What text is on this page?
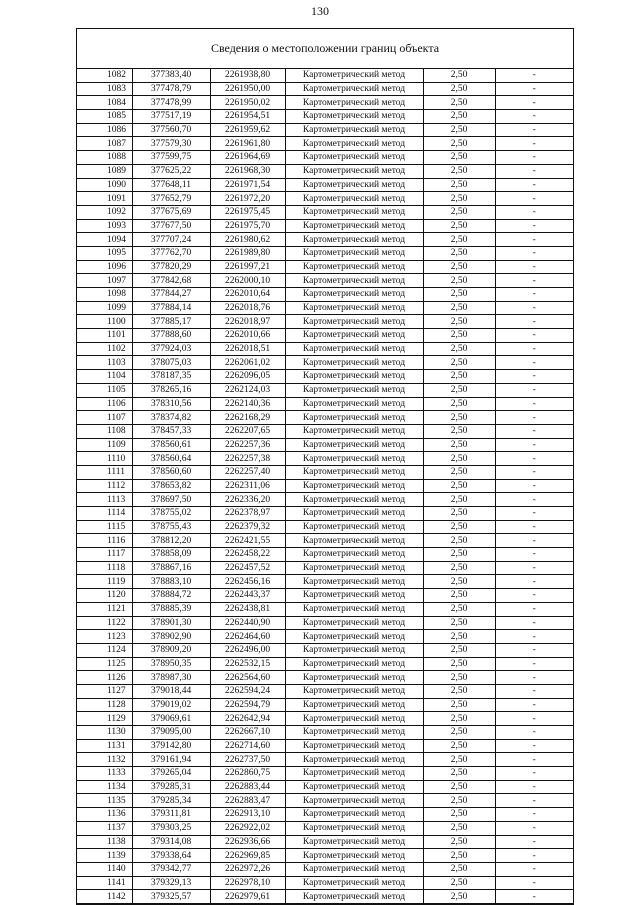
130
Сведения о местоположении границ объекта
1082	377383,40	2261938,80	Картометрический метод	2,50	-
1083	377478,79	2261950,00	Картометрический метод	2,50	-
1084	377478,99	2261950,02	Картометрический метод	2,50	-
1085	377517,19	2261954,51	Картометрический метод	2,50	-
1086	377560,70	2261959,62	Картометрический метод	2,50	-
1087	377579,30	2261961,80	Картометрический метод	2,50	-
1088	377599,75	2261964,69	Картометрический метод	2,50	-
1089	377625,22	2261968,30	Картометрический метод	2,50	-
1090	377648,11	2261971,54	Картометрический метод	2,50	-
1091	377652,79	2261972,20	Картометрический метод	2,50	-
1092	377675,69	2261975,45	Картометрический метод	2,50	-
1093	377677,50	2261975,70	Картометрический метод	2,50	-
1094	377707,24	2261980,62	Картометрический метод	2,50	-
1095	377762,70	2261989,80	Картометрический метод	2,50	-
1096	377820,29	2261997,21	Картометрический метод	2,50	-
1097	377842,68	2262000,10	Картометрический метод	2,50	-
1098	377844,27	2262010,64	Картометрический метод	2,50	-
1099	377884,14	2262018,76	Картометрический метод	2,50	-
1100	377885,17	2262018,97	Картометрический метод	2,50	-
1101	377888,60	2262010,66	Картометрический метод	2,50	-
1102	377924,03	2262018,51	Картометрический метод	2,50	-
1103	378075,03	2262061,02	Картометрический метод	2,50	-
1104	378187,35	2262096,05	Картометрический метод	2,50	-
1105	378265,16	2262124,03	Картометрический метод	2,50	-
1106	378310,56	2262140,36	Картометрический метод	2,50	-
1107	378374,82	2262168,29	Картометрический метод	2,50	-
1108	378457,33	2262207,65	Картометрический метод	2,50	-
1109	378560,61	2262257,36	Картометрический метод	2,50	-
1110	378560,64	2262257,38	Картометрический метод	2,50	-
1111	378560,60	2262257,40	Картометрический метод	2,50	-
1112	378653,82	2262311,06	Картометрический метод	2,50	-
1113	378697,50	2262336,20	Картометрический метод	2,50	-
1114	378755,02	2262378,97	Картометрический метод	2,50	-
1115	378755,43	2262379,32	Картометрический метод	2,50	-
1116	378812,20	2262421,55	Картометрический метод	2,50	-
1117	378858,09	2262458,22	Картометрический метод	2,50	-
1118	378867,16	2262457,52	Картометрический метод	2,50	-
1119	378883,10	2262456,16	Картометрический метод	2,50	-
1120	378884,72	2262443,37	Картометрический метод	2,50	-
1121	378885,39	2262438,81	Картометрический метод	2,50	-
1122	378901,30	2262440,90	Картометрический метод	2,50	-
1123	378902,90	2262464,60	Картометрический метод	2,50	-
1124	378909,20	2262496,00	Картометрический метод	2,50	-
1125	378950,35	2262532,15	Картометрический метод	2,50	-
1126	378987,30	2262564,60	Картометрический метод	2,50	-
1127	379018,44	2262594,24	Картометрический метод	2,50	-
1128	379019,02	2262594,79	Картометрический метод	2,50	-
1129	379069,61	2262642,94	Картометрический метод	2,50	-
1130	379095,00	2262667,10	Картометрический метод	2,50	-
1131	379142,80	2262714,60	Картометрический метод	2,50	-
1132	379161,94	2262737,50	Картометрический метод	2,50	-
1133	379265,04	2262860,75	Картометрический метод	2,50	-
1134	379285,31	2262883,44	Картометрический метод	2,50	-
1135	379285,34	2262883,47	Картометрический метод	2,50	-
1136	379311,81	2262913,10	Картометрический метод	2,50	-
1137	379303,25	2262922,02	Картометрический метод	2,50	-
1138	379314,08	2262936,66	Картометрический метод	2,50	-
1139	379338,64	2262969,85	Картометрический метод	2,50	-
1140	379342,77	2262972,26	Картометрический метод	2,50	-
1141	379329,13	2262978,10	Картометрический метод	2,50	-
1142	379325,57	2262979,61	Картометрический метод	2,50	-
